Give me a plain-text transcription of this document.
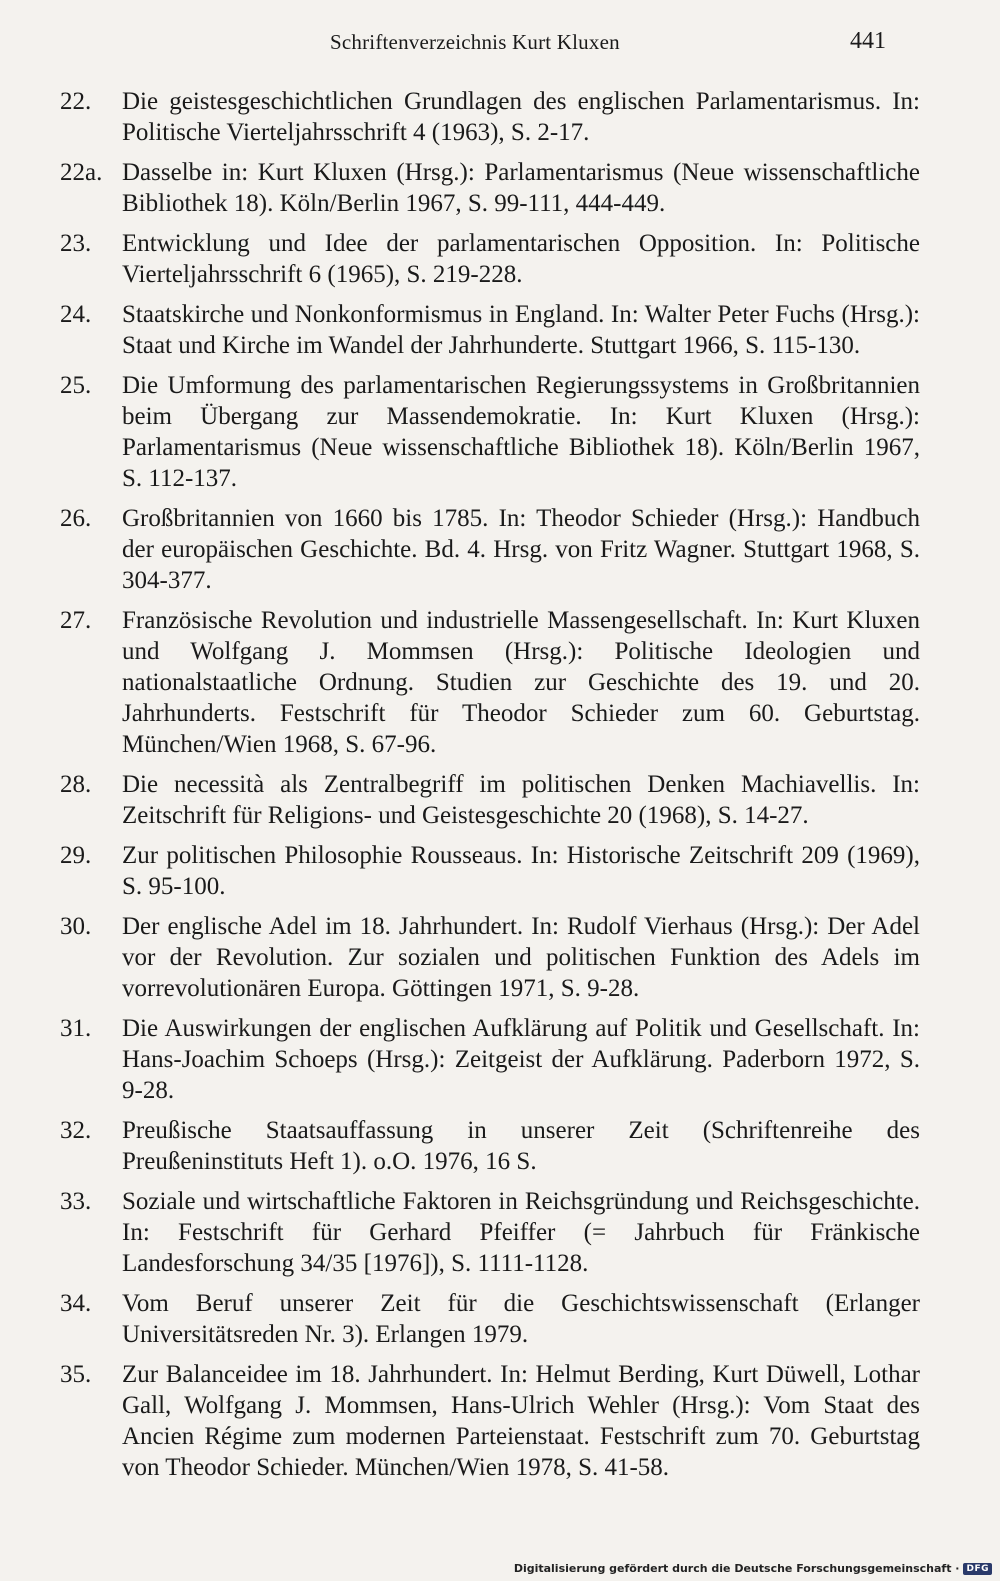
Schriftenverzeichnis Kurt Kluxen	441
22.	Die geistesgeschichtlichen Grundlagen des englischen Parlamentarismus. In: Politische Vierteljahrsschrift 4 (1963), S. 2-17.
22a. Dasselbe in: Kurt Kluxen (Hrsg.): Parlamentarismus (Neue wissenschaftliche Bibliothek 18). Köln/Berlin 1967, S. 99-111, 444-449.
23.	Entwicklung und Idee der parlamentarischen Opposition. In: Politische Vierteljahrsschrift 6 (1965), S. 219-228.
24.	Staatskirche und Nonkonformismus in England. In: Walter Peter Fuchs (Hrsg.): Staat und Kirche im Wandel der Jahrhunderte. Stuttgart 1966, S. 115-130.
25.	Die Umformung des parlamentarischen Regierungssystems in Großbritannien beim Übergang zur Massendemokratie. In: Kurt Kluxen (Hrsg.): Parlamentarismus (Neue wissenschaftliche Bibliothek 18). Köln/Berlin 1967, S. 112-137.
26.	Großbritannien von 1660 bis 1785. In: Theodor Schieder (Hrsg.): Handbuch der europäischen Geschichte. Bd. 4. Hrsg. von Fritz Wagner. Stuttgart 1968, S. 304-377.
27.	Französische Revolution und industrielle Massengesellschaft. In: Kurt Kluxen und Wolfgang J. Mommsen (Hrsg.): Politische Ideologien und nationalstaatliche Ordnung. Studien zur Geschichte des 19. und 20. Jahrhunderts. Festschrift für Theodor Schieder zum 60. Geburtstag. München/Wien 1968, S. 67-96.
28.	Die necessità als Zentralbegriff im politischen Denken Machiavellis. In: Zeitschrift für Religions- und Geistesgeschichte 20 (1968), S. 14-27.
29.	Zur politischen Philosophie Rousseaus. In: Historische Zeitschrift 209 (1969), S. 95-100.
30.	Der englische Adel im 18. Jahrhundert. In: Rudolf Vierhaus (Hrsg.): Der Adel vor der Revolution. Zur sozialen und politischen Funktion des Adels im vorrevolutionären Europa. Göttingen 1971, S. 9-28.
31.	Die Auswirkungen der englischen Aufklärung auf Politik und Gesellschaft. In: Hans-Joachim Schoeps (Hrsg.): Zeitgeist der Aufklärung. Paderborn 1972, S. 9-28.
32.	Preußische Staatsauffassung in unserer Zeit (Schriftenreihe des Preußeninstituts Heft 1). o.O. 1976, 16 S.
33.	Soziale und wirtschaftliche Faktoren in Reichsgründung und Reichsgeschichte. In: Festschrift für Gerhard Pfeiffer (= Jahrbuch für Fränkische Landesforschung 34/35 [1976]), S. 1111-1128.
34.	Vom Beruf unserer Zeit für die Geschichtswissenschaft (Erlanger Universitätsreden Nr. 3). Erlangen 1979.
35.	Zur Balanceidee im 18. Jahrhundert. In: Helmut Berding, Kurt Düwell, Lothar Gall, Wolfgang J. Mommsen, Hans-Ulrich Wehler (Hrsg.): Vom Staat des Ancien Régime zum modernen Parteienstaat. Festschrift zum 70. Geburtstag von Theodor Schieder. München/Wien 1978, S. 41-58.
Digitalisierung gefördert durch die Deutsche Forschungsgemeinschaft · DFG
